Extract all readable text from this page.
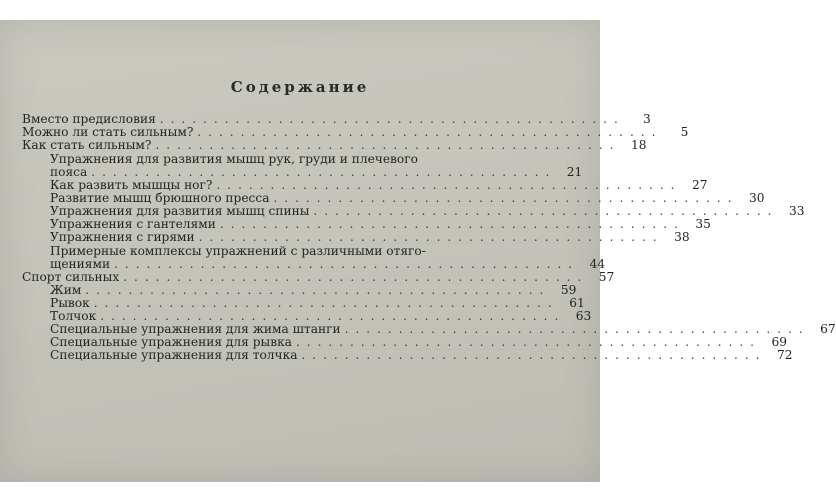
Содержание
Вместо предисловия ...........................................	3
Можно ли стать сильным? ...........................................	5
Как стать сильным? ........................................... 18
Упражнения для развития мышц рук, груди и плечевого
пояса ........................................... 21
Как развить мышцы ног? ........................................... 27
Развитие мышц брюшного пресса ........................................... 30
Упражнения для развития мышц спины ........................................... 33
Упражнения с гантелями ........................................... 35
Упражнения с гирями ........................................... 38
Примерные комплексы упражнений с различными отяго-
щениями ........................................... 44
Спорт сильных ........................................... 57
Жим ........................................... 59
Рывок ........................................... 61
Толчок ........................................... 63
Специальные упражнения для жима штанги ........................................... 67
Специальные упражнения для рывка ........................................... 69
Специальные упражнения для толчка ........................................... 72
